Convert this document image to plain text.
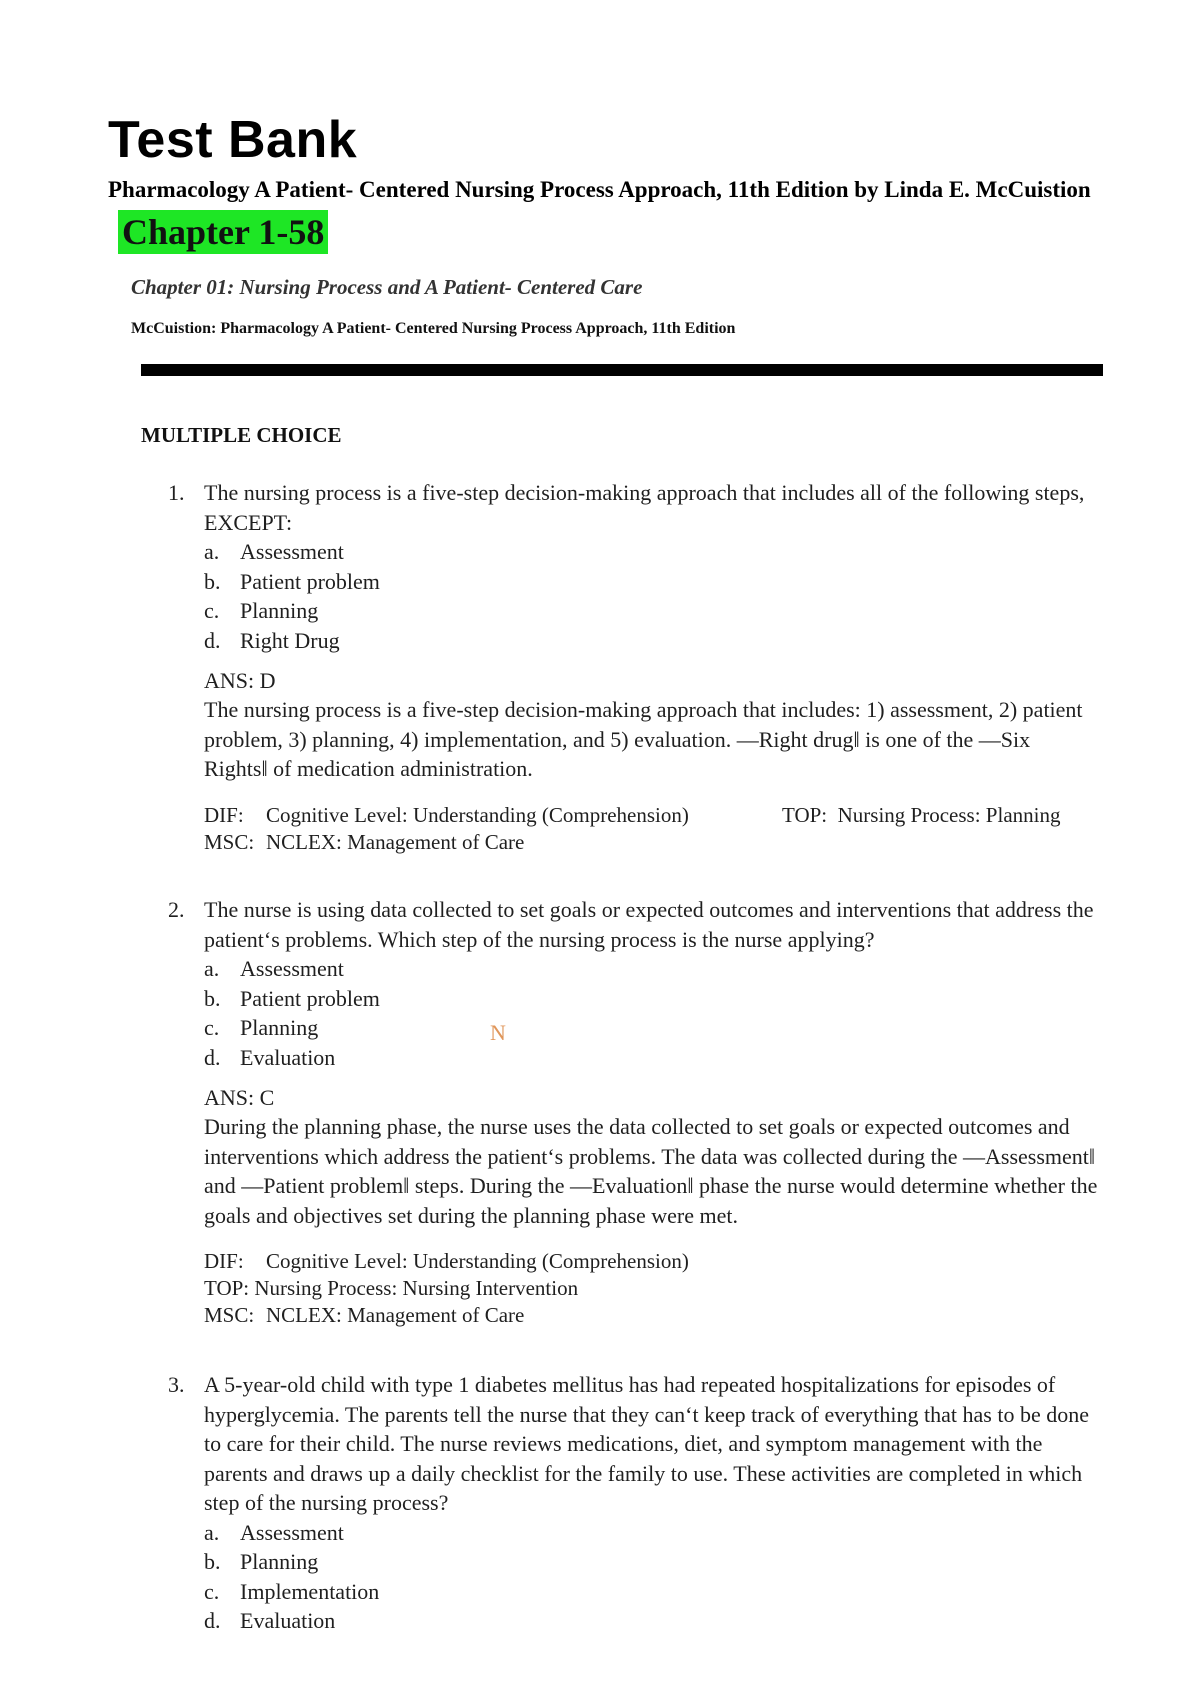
Test Bank
Pharmacology A Patient- Centered Nursing Process Approach, 11th Edition by Linda E. McCuistion
Chapter 1-58
Chapter 01: Nursing Process and A Patient- Centered Care
McCuistion: Pharmacology A Patient- Centered Nursing Process Approach, 11th Edition
MULTIPLE CHOICE
1. The nursing process is a five-step decision-making approach that includes all of the following steps, EXCEPT:
a. Assessment
b. Patient problem
c. Planning
d. Right Drug
ANS: D
The nursing process is a five-step decision-making approach that includes: 1) assessment, 2) patient problem, 3) planning, 4) implementation, and 5) evaluation. —Right drug‖ is one of the —Six Rights‖ of medication administration.
DIF:	Cognitive Level: Understanding (Comprehension)	TOP: Nursing Process: Planning
MSC: NCLEX: Management of Care
2. The nurse is using data collected to set goals or expected outcomes and interventions that address the patient‘s problems. Which step of the nursing process is the nurse applying?
a. Assessment
b. Patient problem
c. Planning
d. Evaluation
ANS: C
During the planning phase, the nurse uses the data collected to set goals or expected outcomes and interventions which address the patient‘s problems. The data was collected during the —Assessment‖ and —Patient problem‖ steps. During the —Evaluation‖ phase the nurse would determine whether the goals and objectives set during the planning phase were met.
DIF:	Cognitive Level: Understanding (Comprehension)
TOP:
Nursing Process: Nursing Intervention
MSC: NCLEX: Management of Care
3. A 5-year-old child with type 1 diabetes mellitus has had repeated hospitalizations for episodes of hyperglycemia. The parents tell the nurse that they can‘t keep track of everything that has to be done to care for their child. The nurse reviews medications, diet, and symptom management with the parents and draws up a daily checklist for the family to use. These activities are completed in which step of the nursing process?
a. Assessment
b. Planning
c. Implementation
d. Evaluation
N
